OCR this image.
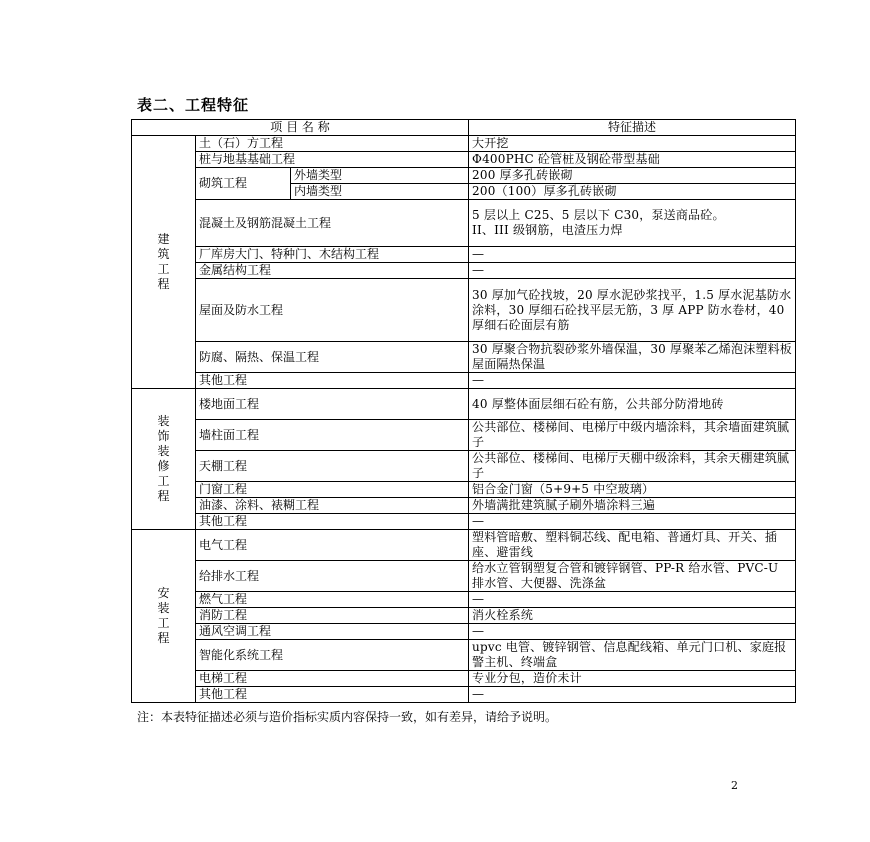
表二、工程特征
项 目 名 称			特征描述
建筑工程	土（石）方工程		大开挖
	桩与地基基础工程		Φ400PHC 砼管桩及钢砼带型基础
	砌筑工程	外墙类型	200 厚多孔砖嵌砌
		内墙类型	200（100）厚多孔砖嵌砌
	混凝土及钢筋混凝土工程		5 层以上 C25、5 层以下 C30，泵送商品砼。
II、III 级钢筋，电渣压力焊
	厂库房大门、特种门、木结构工程		—
	金属结构工程		—
	屋面及防水工程		30 厚加气砼找坡，20 厚水泥砂浆找平，1.5 厚水泥基防水涂料，30 厚细石砼找平层无筋，3 厚 APP 防水卷材，40 厚细石砼面层有筋
	防腐、隔热、保温工程		30 厚聚合物抗裂砂浆外墙保温，30 厚聚苯乙烯泡沫塑料板屋面隔热保温
	其他工程		—
装饰装修工程	楼地面工程		40 厚整体面层细石砼有筋，公共部分防滑地砖
	墙柱面工程		公共部位、楼梯间、电梯厅中级内墙涂料，其余墙面建筑腻子
	天棚工程		公共部位、楼梯间、电梯厅天棚中级涂料，其余天棚建筑腻子
	门窗工程		铝合金门窗（5+9+5 中空玻璃）
	油漆、涂料、裱糊工程		外墙满批建筑腻子刷外墙涂料三遍
	其他工程		—
安装工程	电气工程		塑料管暗敷、塑料铜芯线、配电箱、普通灯具、开关、插座、避雷线
	给排水工程		给水立管钢塑复合管和镀锌钢管、PP-R 给水管、PVC-U 排水管、大便器、洗涤盆
	燃气工程		—
	消防工程		消火栓系统
	通风空调工程		—
	智能化系统工程		upvc 电管、镀锌钢管、信息配线箱、单元门口机、家庭报警主机、终端盒
	电梯工程		专业分包，造价未计
	其他工程		—
注：本表特征描述必须与造价指标实质内容保持一致，如有差异，请给予说明。
2
